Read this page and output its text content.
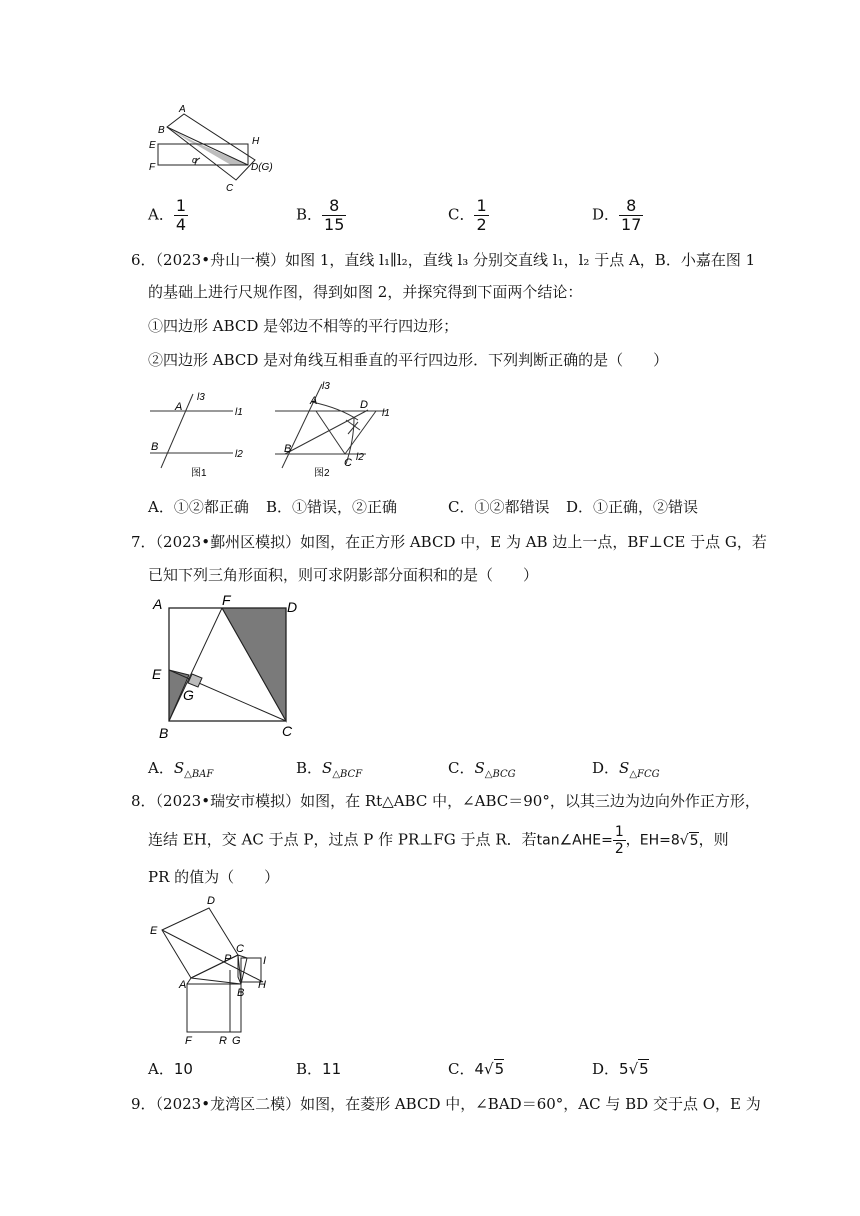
A
B
E
F
H
D(G)
C
α
A． $\frac{1}{4}$	B． $\frac{8}{15}$	C． $\frac{1}{2}$	D． $\frac{8}{17}$
6．（2023•舟山一模）如图 1，直线 l₁∥l₂，直线 l₃ 分别交直线 l₁，l₂ 于点 A，B．小嘉在图 1
的基础上进行尺规作图，得到如图 2，并探究得到下面两个结论：
①四边形 ABCD 是邻边不相等的平行四边形；
②四边形 ABCD 是对角线互相垂直的平行四边形．下列判断正确的是（　　）
A
B
l3
l1
l2
图1
A
B
C
D
l3
l1
l2
图2
A．①②都正确 B．①错误，②正确	C．①②都错误 D．①正确，②错误
7．（2023•鄞州区模拟）如图，在正方形 ABCD 中，E 为 AB 边上一点，BF⊥CE 于点 G，若
已知下列三角形面积，则可求阴影部分面积和的是（　　）
A	F	D
E
G
B	C
A．$S_{\triangle BAF}$	B．$S_{\triangle BCF}$	C．$S_{\triangle BCG}$	D．$S_{\triangle FCG}$
8．（2023•瑞安市模拟）如图，在 Rt△ABC 中，∠ABC＝90°，以其三边为边向外作正方形，
连结 EH，交 AC 于点 P，过点 P 作 PR⊥FG 于点 R．若tan∠AHE= $\frac{1}{2}$ ，EH=8√5，则
PR 的值为（　　）
D
E
C
P	I
A
B
H
F R G
A．10	B．11	C．4√5	D．5√5
9．（2023•龙湾区二模）如图，在菱形 ABCD 中，∠BAD＝60°，AC 与 BD 交于点 O，E 为
